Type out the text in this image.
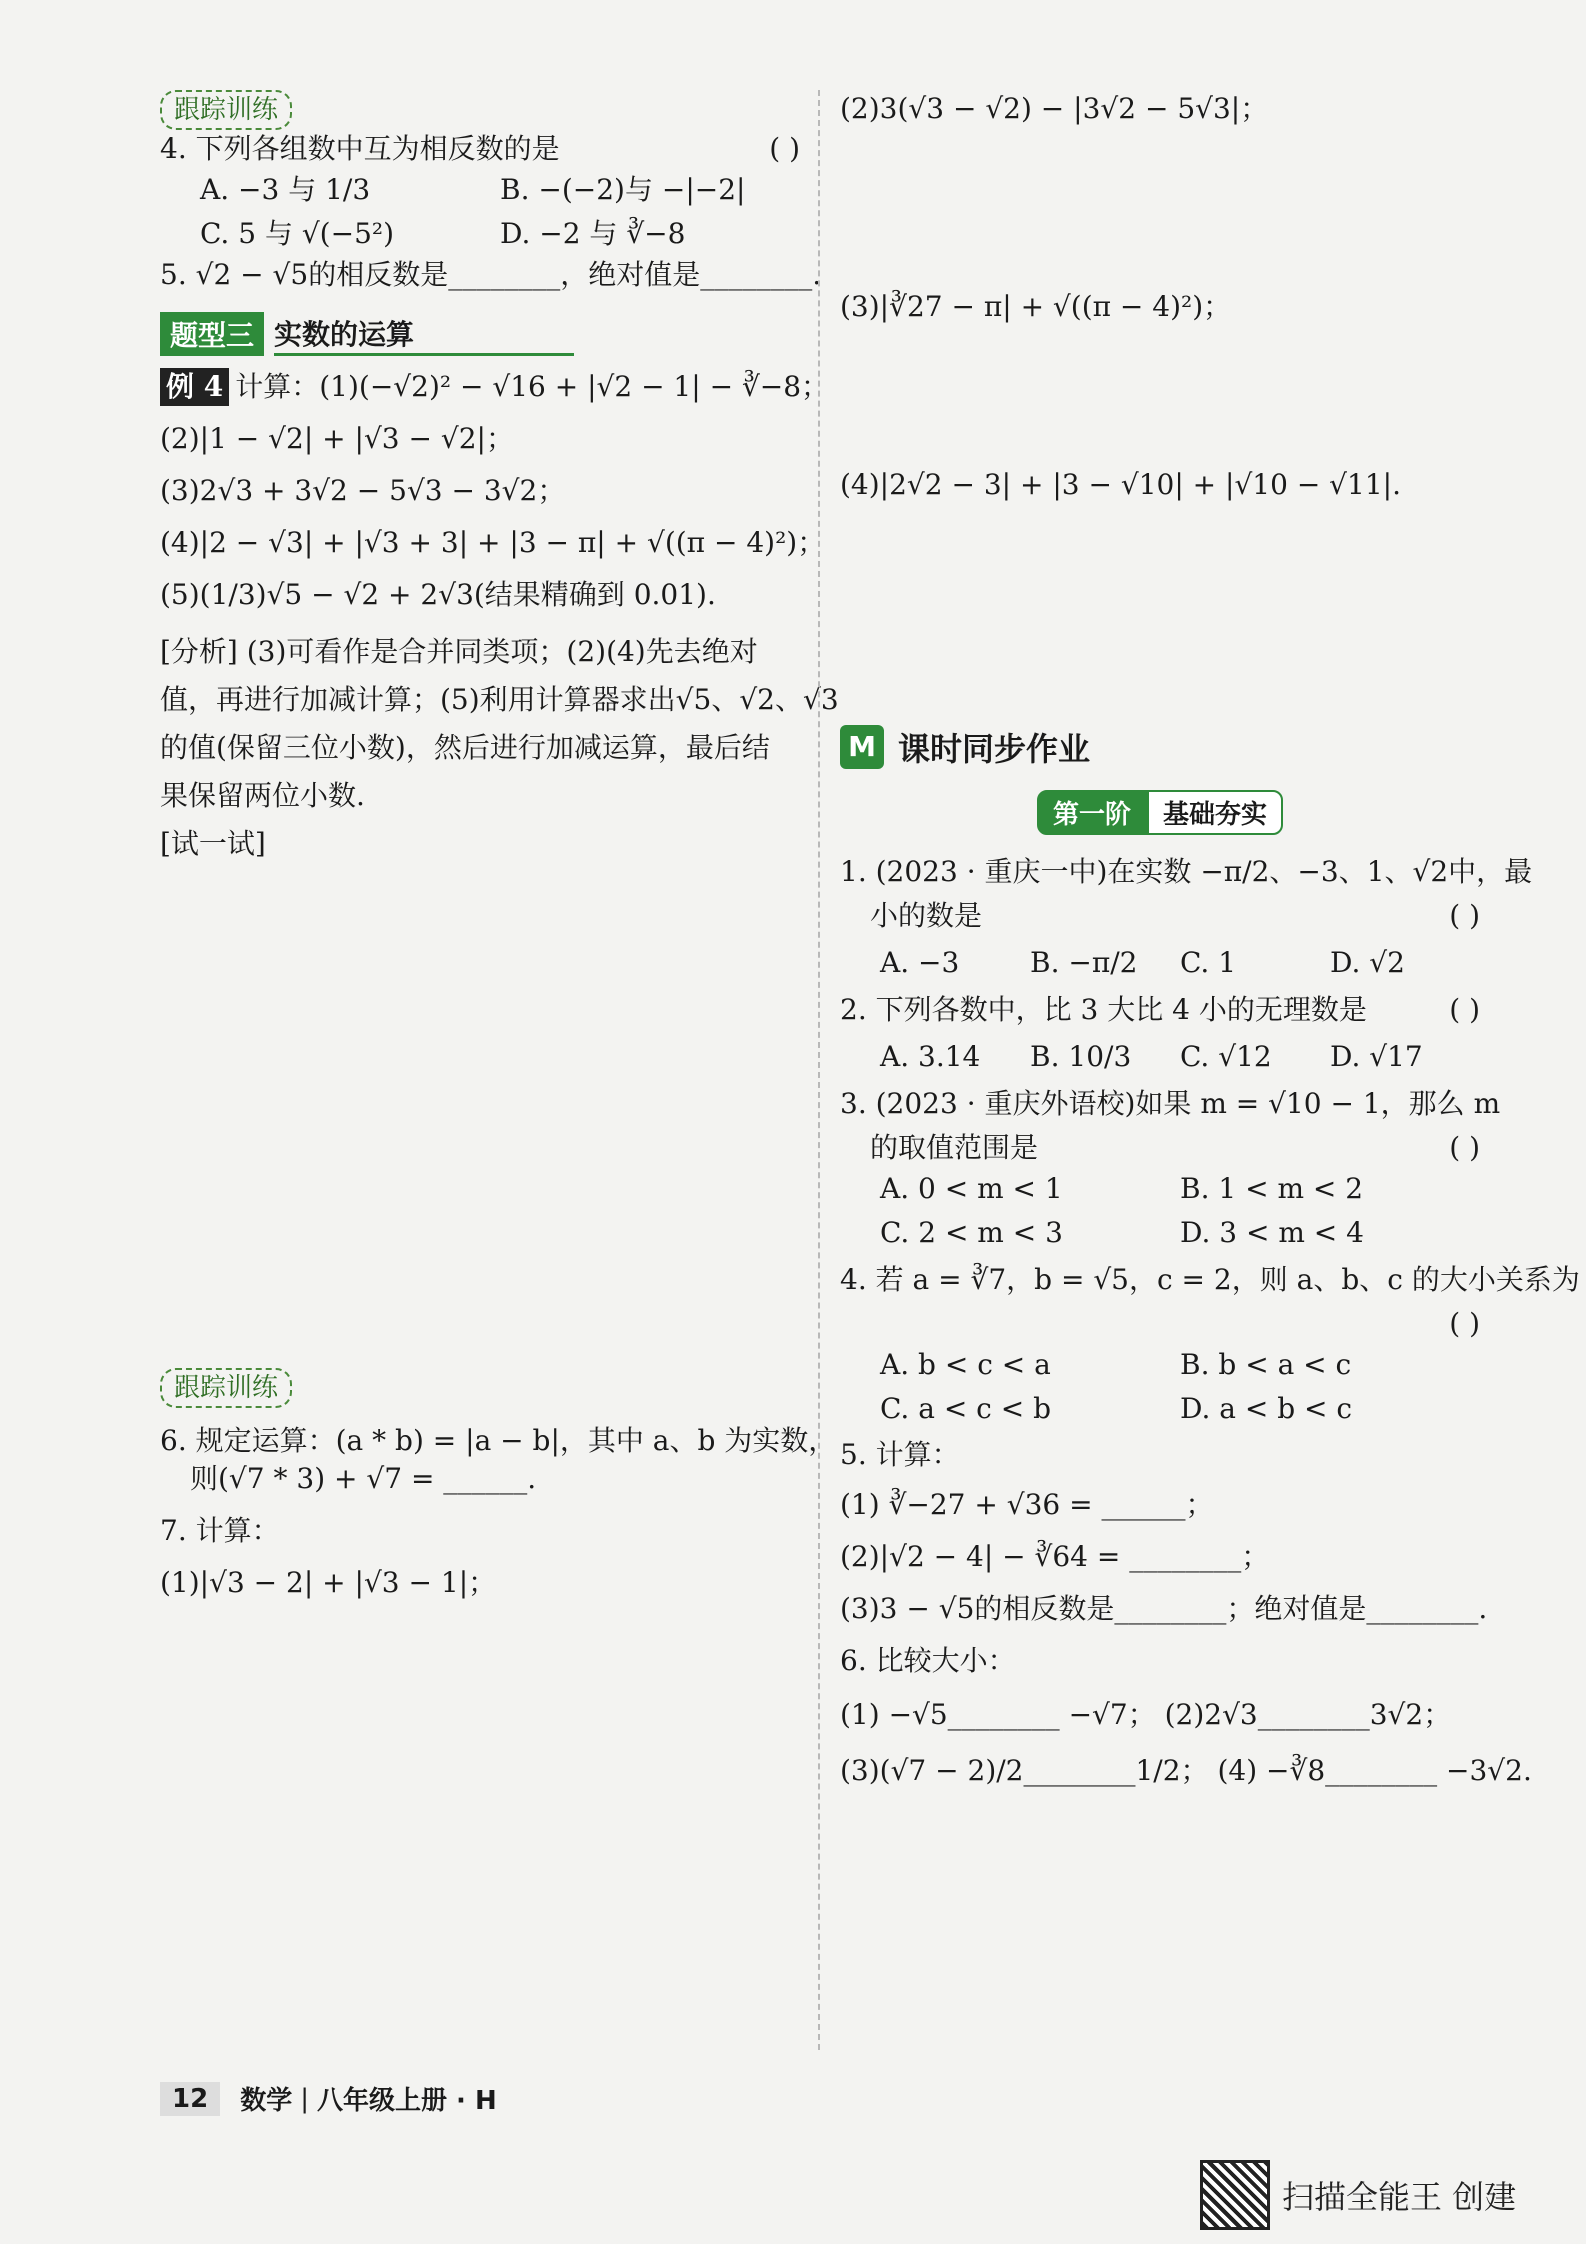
跟踪训练

4. 下列各组数中互为相反数的是	( )

A. −3 与 1/3	B. −(−2)与 −|−2|
C. 5 与 √(−5²)	D. −2 与 ∛−8

5. √2 − √5的相反数是________，绝对值是________.

题型三 实数的运算

例 4 计算：(1)(−√2)² − √16 + |√2 − 1| − ∛−8；

(2)|1 − √2| + |√3 − √2|；

(3)2√3 + 3√2 − 5√3 − 3√2；

(4)|2 − √3| + |√3 + 3| + |3 − π| + √((π − 4)²)；

(5)(1/3)√5 − √2 + 2√3(结果精确到 0.01).

[分析] (3)可看作是合并同类项；(2)(4)先去绝对

值，再进行加减计算；(5)利用计算器求出√5、√2、√3

的值(保留三位小数)，然后进行加减运算，最后结

果保留两位小数.

[试一试]

跟踪训练

6. 规定运算：(a * b) = |a − b|，其中 a、b 为实数，

则(√7 * 3) + √7 = ______.

7. 计算：

(1)|√3 − 2| + |√3 − 1|；

(2)3(√3 − √2) − |3√2 − 5√3|；

(3)|∛27 − π| + √((π − 4)²)；

(4)|2√2 − 3| + |3 − √10| + |√10 − √11|.

M 课时同步作业
第一阶	基础夯实

1. (2023 · 重庆一中)在实数 −π/2、−3、1、√2中，最

小的数是	( )

A. −3	B. −π/2	C. 1	D. √2

2. 下列各数中，比 3 大比 4 小的无理数是	( )

A. 3.14	B. 10/3	C. √12	D. √17

3. (2023 · 重庆外语校)如果 m = √10 − 1，那么 m

的取值范围是	( )

A. 0 < m < 1	B. 1 < m < 2
C. 2 < m < 3	D. 3 < m < 4

4. 若 a = ∛7，b = √5，c = 2，则 a、b、c 的大小关系为

( )

A. b < c < a	B. b < a < c
C. a < c < b	D. a < b < c

5. 计算：

(1) ∛−27 + √36 = ______；

(2)|√2 − 4| − ∛64 = ________；

(3)3 − √5的相反数是________；绝对值是________.

6. 比较大小：

(1) −√5________ −√7； (2)2√3________3√2；

(3)(√7 − 2)/2________1/2； (4) −∛8________ −3√2.

12	数学 | 八年级上册 · H
扫描全能王 创建
